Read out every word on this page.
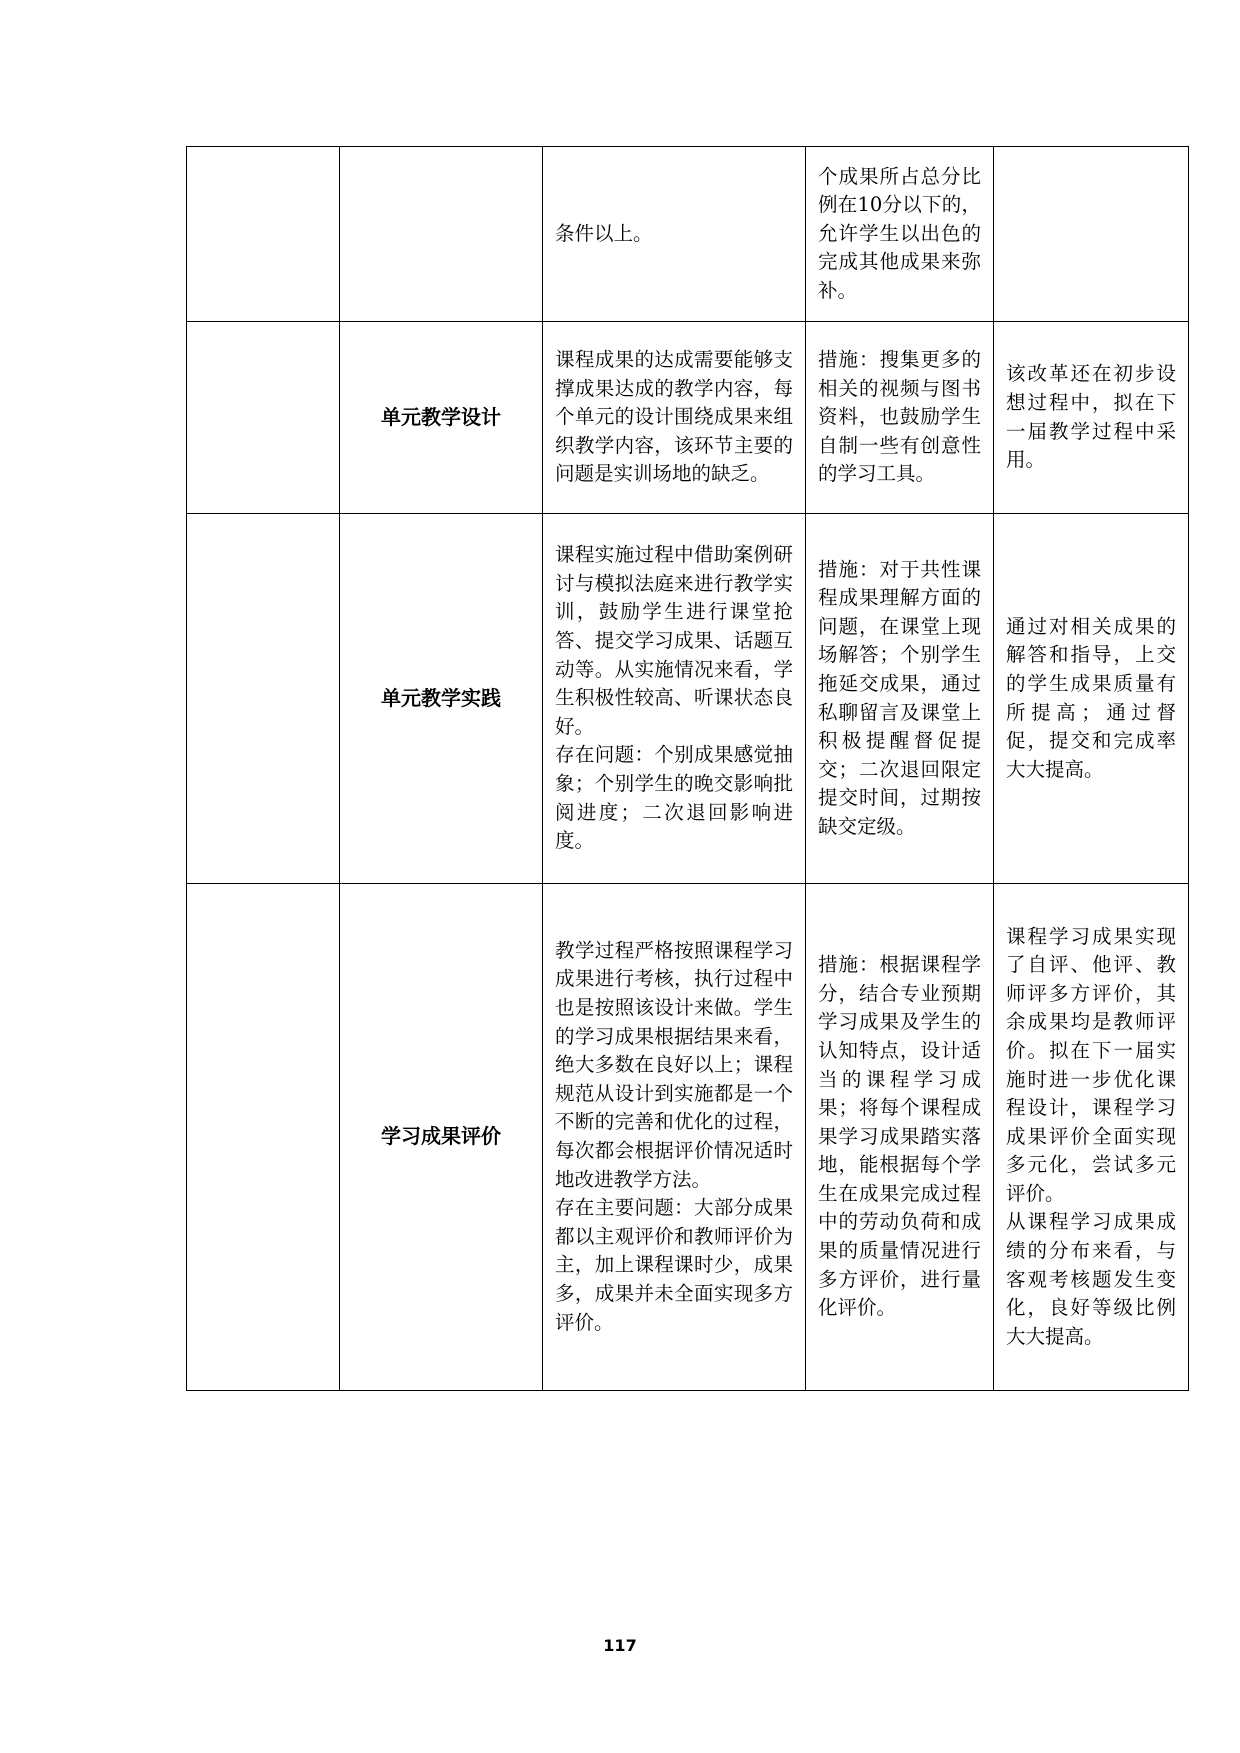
		条件以上。	个成果所占总分比例在10分以下的，允许学生以出色的完成其他成果来弥补。	

	单元教学设计	课程成果的达成需要能够支撑成果达成的教学内容，每个单元的设计围绕成果来组织教学内容，该环节主要的问题是实训场地的缺乏。	措施：搜集更多的相关的视频与图书资料，也鼓励学生自制一些有创意性的学习工具。	该改革还在初步设想过程中，拟在下一届教学过程中采用。

	单元教学实践	课程实施过程中借助案例研讨与模拟法庭来进行教学实训，鼓励学生进行课堂抢答、提交学习成果、话题互动等。从实施情况来看，学生积极性较高、听课状态良好。
存在问题：个别成果感觉抽象；个别学生的晚交影响批阅进度；二次退回影响进度。	措施：对于共性课程成果理解方面的问题，在课堂上现场解答；个别学生拖延交成果，通过私聊留言及课堂上积极提醒督促提交；二次退回限定提交时间，过期按缺交定级。	通过对相关成果的解答和指导，上交的学生成果质量有所提高；通过督促，提交和完成率大大提高。

	学习成果评价	教学过程严格按照课程学习成果进行考核，执行过程中也是按照该设计来做。学生的学习成果根据结果来看，绝大多数在良好以上；课程规范从设计到实施都是一个不断的完善和优化的过程，每次都会根据评价情况适时地改进教学方法。
存在主要问题：大部分成果都以主观评价和教师评价为主，加上课程课时少，成果多，成果并未全面实现多方评价。	措施：根据课程学分，结合专业预期学习成果及学生的认知特点，设计适当的课程学习成果；将每个课程成果学习成果踏实落地，能根据每个学生在成果完成过程中的劳动负荷和成果的质量情况进行多方评价，进行量化评价。	课程学习成果实现了自评、他评、教师评多方评价，其余成果均是教师评价。拟在下一届实施时进一步优化课程设计，课程学习成果评价全面实现多元化，尝试多元评价。
从课程学习成果成绩的分布来看，与客观考核题发生变化，良好等级比例大大提高。
117
